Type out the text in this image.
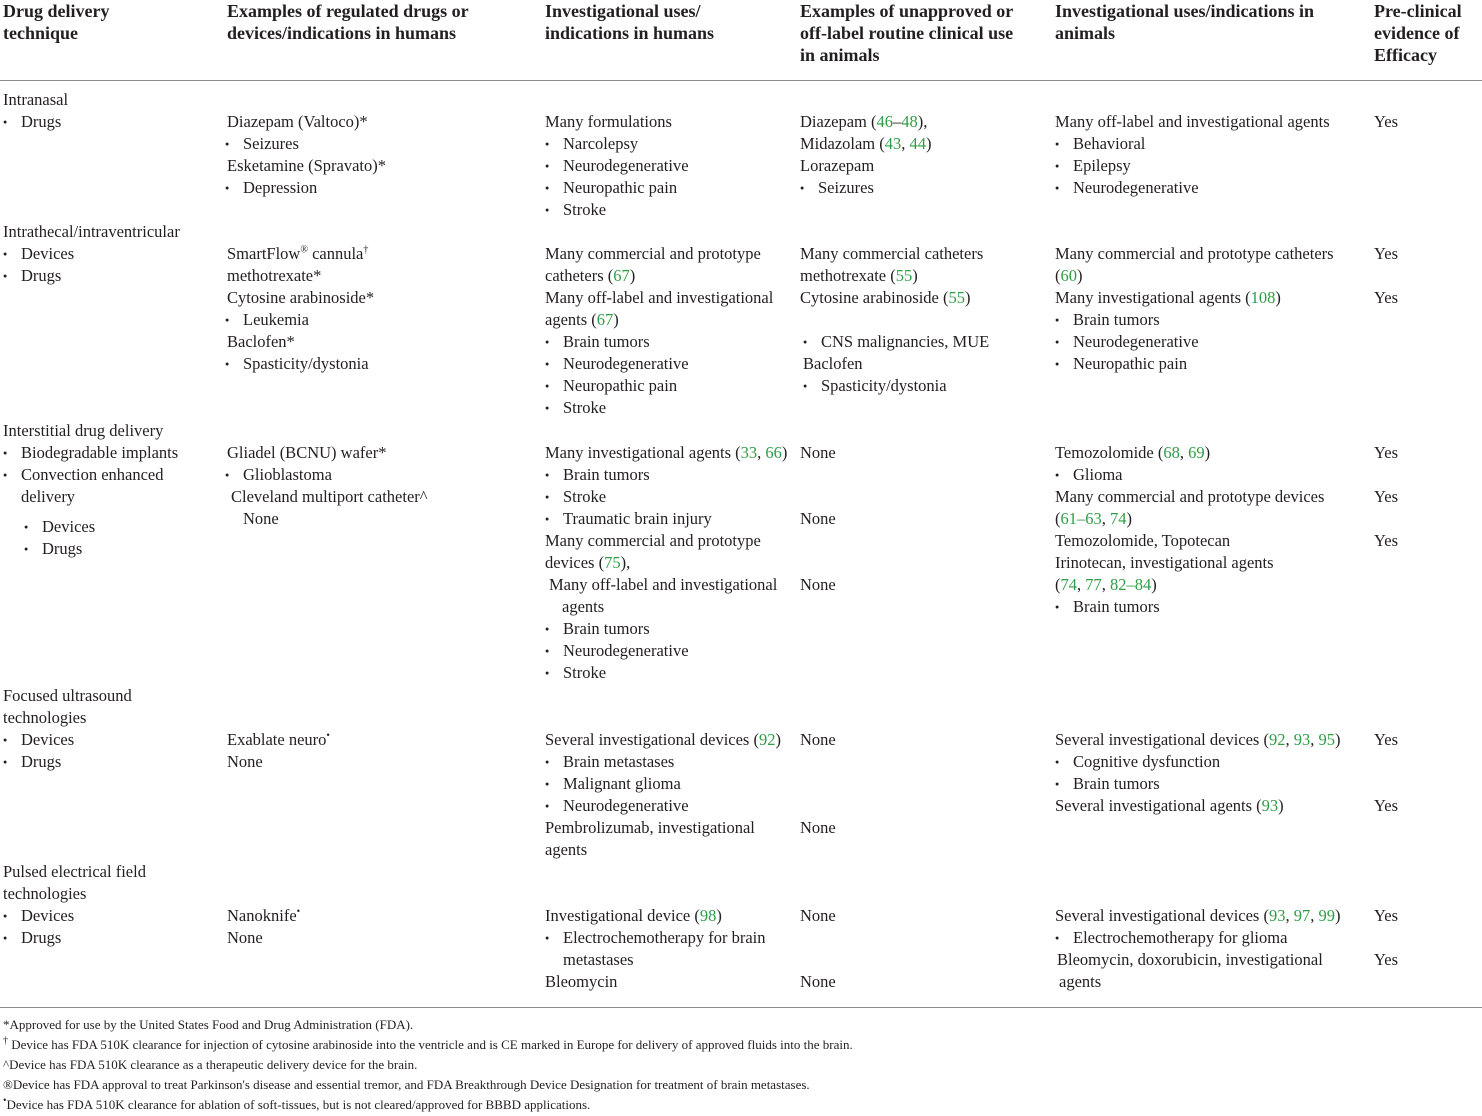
Drug delivery
technique
Examples of regulated drugs or
devices/indications in humans
Investigational uses/
indications in humans
Examples of unapproved or
off-label routine clinical use
in animals
Investigational uses/indications in
animals
Pre-clinical
evidence of
Efficacy
Intranasal
● Drugs	Diazepam (Valtoco)*
● Seizures
Esketamine (Spravato)*
● Depression
Many formulations
● Narcolepsy
● Neurodegenerative
● Neuropathic pain
● Stroke
Diazepam (46–48),
Midazolam (43, 44)
Lorazepam
● Seizures
Many off-label and investigational agents
● Behavioral
● Epilepsy
● Neurodegenerative
Yes
Intrathecal/intraventricular
● Devices
● Drugs
SmartFlow® cannula†
methotrexate*
Cytosine arabinoside*
● Leukemia
Baclofen*
● Spasticity/dystonia
Many commercial and prototype
catheters (67)
Many off-label and investigational
agents (67)
● Brain tumors
● Neurodegenerative
● Neuropathic pain
● Stroke
Many commercial catheters
methotrexate (55)
Cytosine arabinoside (55)
● CNS malignancies, MUE
Baclofen
● Spasticity/dystonia
Many commercial and prototype catheters
(60)
Many investigational agents (108)
● Brain tumors
● Neurodegenerative
● Neuropathic pain
Yes
Yes
Interstitial drug delivery
● Biodegradable implants
● Convection enhanced
delivery
● Devices
● Drugs
Gliadel (BCNU) wafer*
● Glioblastoma
Cleveland multiport catheter^
None
Many investigational agents (33, 66)
● Brain tumors
● Stroke
● Traumatic brain injury
Many commercial and prototype
devices (75),
Many off-label and investigational
agents
● Brain tumors
● Neurodegenerative
● Stroke
None
None
None
Temozolomide (68, 69)
● Glioma
Many commercial and prototype devices
(61–63, 74)
Temozolomide, Topotecan
Irinotecan, investigational agents
(74, 77, 82–84)
● Brain tumors
Yes
Yes
Yes
Focused ultrasound
technologies
● Devices
● Drugs
Exablate neuro•
None
Several investigational devices (92)
● Brain metastases
● Malignant glioma
● Neurodegenerative
Pembrolizumab, investigational
agents
None
None
Several investigational devices (92, 93, 95)
● Cognitive dysfunction
● Brain tumors
Several investigational agents (93)
Yes
Yes
Pulsed electrical field
technologies
● Devices
● Drugs
Nanoknife•
None
Investigational device (98)
● Electrochemotherapy for brain
metastases
Bleomycin
None
None
Several investigational devices (93, 97, 99)
● Electrochemotherapy for glioma
Bleomycin, doxorubicin, investigational
agents
Yes
Yes
*Approved for use by the United States Food and Drug Administration (FDA).
† Device has FDA 510K clearance for injection of cytosine arabinoside into the ventricle and is CE marked in Europe for delivery of approved fluids into the brain.
^Device has FDA 510K clearance as a therapeutic delivery device for the brain.
®Device has FDA approval to treat Parkinson's disease and essential tremor, and FDA Breakthrough Device Designation for treatment of brain metastases.
•Device has FDA 510K clearance for ablation of soft-tissues, but is not cleared/approved for BBBD applications.
